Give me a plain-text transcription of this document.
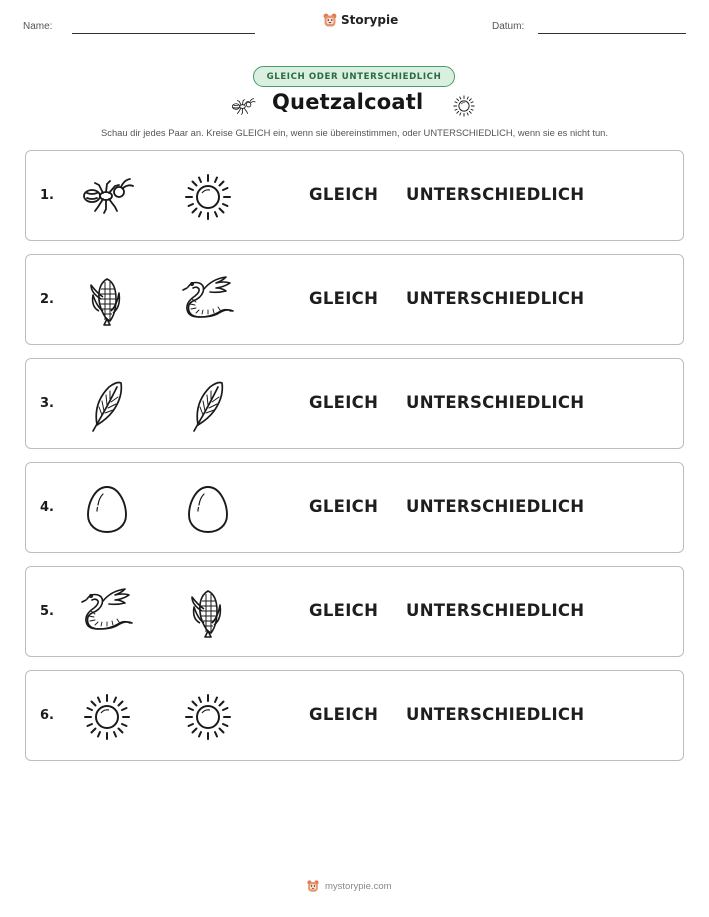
Name:	Storypie	Datum:
GLEICH ODER UNTERSCHIEDLICH
Quetzalcoatl
Schau dir jedes Paar an. Kreise GLEICH ein, wenn sie übereinstimmen, oder UNTERSCHIEDLICH, wenn sie es nicht tun.
1.	GLEICH UNTERSCHIEDLICH
2.	GLEICH UNTERSCHIEDLICH
3.	GLEICH UNTERSCHIEDLICH
4.	GLEICH UNTERSCHIEDLICH
5.	GLEICH UNTERSCHIEDLICH
6.	GLEICH UNTERSCHIEDLICH
mystorypie.com
